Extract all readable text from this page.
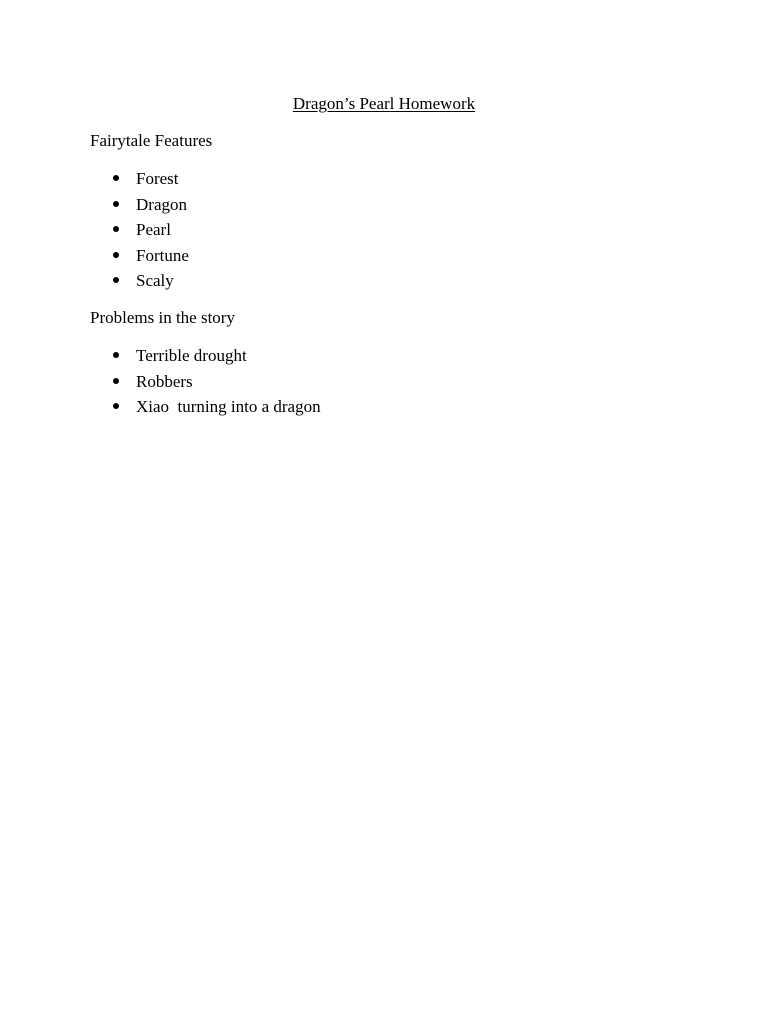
Dragon’s Pearl Homework
Fairytale Features
Forest
Dragon
Pearl
Fortune
Scaly
Problems in the story
Terrible drought
Robbers
Xiao  turning into a dragon
